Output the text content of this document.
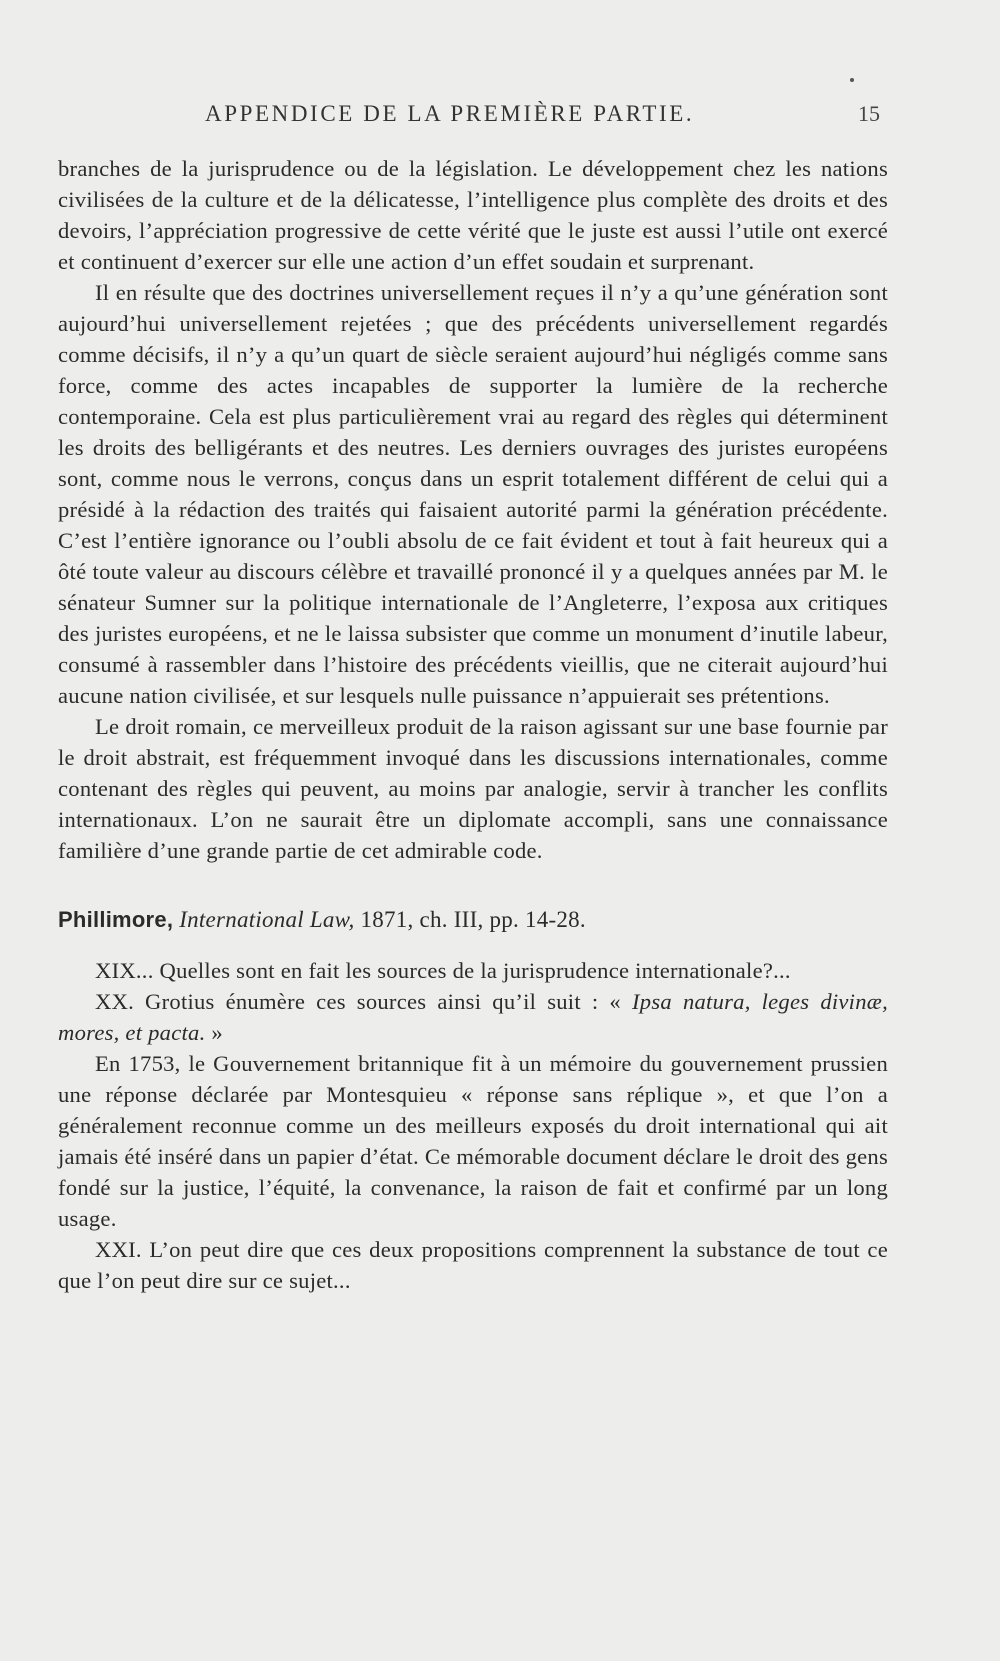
APPENDICE DE LA PREMIÈRE PARTIE.	15

branches de la jurisprudence ou de la législation. Le développement chez les nations civilisées de la culture et de la délicatesse, l’intelligence plus complète des droits et des devoirs, l’appréciation progressive de cette vérité que le juste est aussi l’utile ont exercé et continuent d’exercer sur elle une action d’un effet soudain et surprenant.

Il en résulte que des doctrines universellement reçues il n’y a qu’une génération sont aujourd’hui universellement rejetées ; que des précédents universellement regardés comme décisifs, il n’y a qu’un quart de siècle seraient aujourd’hui négligés comme sans force, comme des actes incapables de supporter la lumière de la recherche contemporaine. Cela est plus particulièrement vrai au regard des règles qui déterminent les droits des belligérants et des neutres. Les derniers ouvrages des juristes européens sont, comme nous le verrons, conçus dans un esprit totalement différent de celui qui a présidé à la rédaction des traités qui faisaient autorité parmi la génération précédente. C’est l’entière ignorance ou l’oubli absolu de ce fait évident et tout à fait heureux qui a ôté toute valeur au discours célèbre et travaillé prononcé il y a quelques années par M. le sénateur Sumner sur la politique internationale de l’Angleterre, l’exposa aux critiques des juristes européens, et ne le laissa subsister que comme un monument d’inutile labeur, consumé à rassembler dans l’histoire des précédents vieillis, que ne citerait aujourd’hui aucune nation civilisée, et sur lesquels nulle puissance n’appuierait ses prétentions.

Le droit romain, ce merveilleux produit de la raison agissant sur une base fournie par le droit abstrait, est fréquemment invoqué dans les discussions internationales, comme contenant des règles qui peuvent, au moins par analogie, servir à trancher les conflits internationaux. L’on ne saurait être un diplomate accompli, sans une connaissance familière d’une grande partie de cet admirable code.

Phillimore, International Law, 1871, ch. III, pp. 14-28.

XIX... Quelles sont en fait les sources de la jurisprudence internationale?...

XX. Grotius énumère ces sources ainsi qu’il suit : « Ipsa natura, leges divinæ, mores, et pacta. »

En 1753, le Gouvernement britannique fit à un mémoire du gouvernement prussien une réponse déclarée par Montesquieu « réponse sans réplique », et que l’on a généralement reconnue comme un des meilleurs exposés du droit international qui ait jamais été inséré dans un papier d’état. Ce mémorable document déclare le droit des gens fondé sur la justice, l’équité, la convenance, la raison de fait et confirmé par un long usage.

XXI. L’on peut dire que ces deux propositions comprennent la substance de tout ce que l’on peut dire sur ce sujet...
